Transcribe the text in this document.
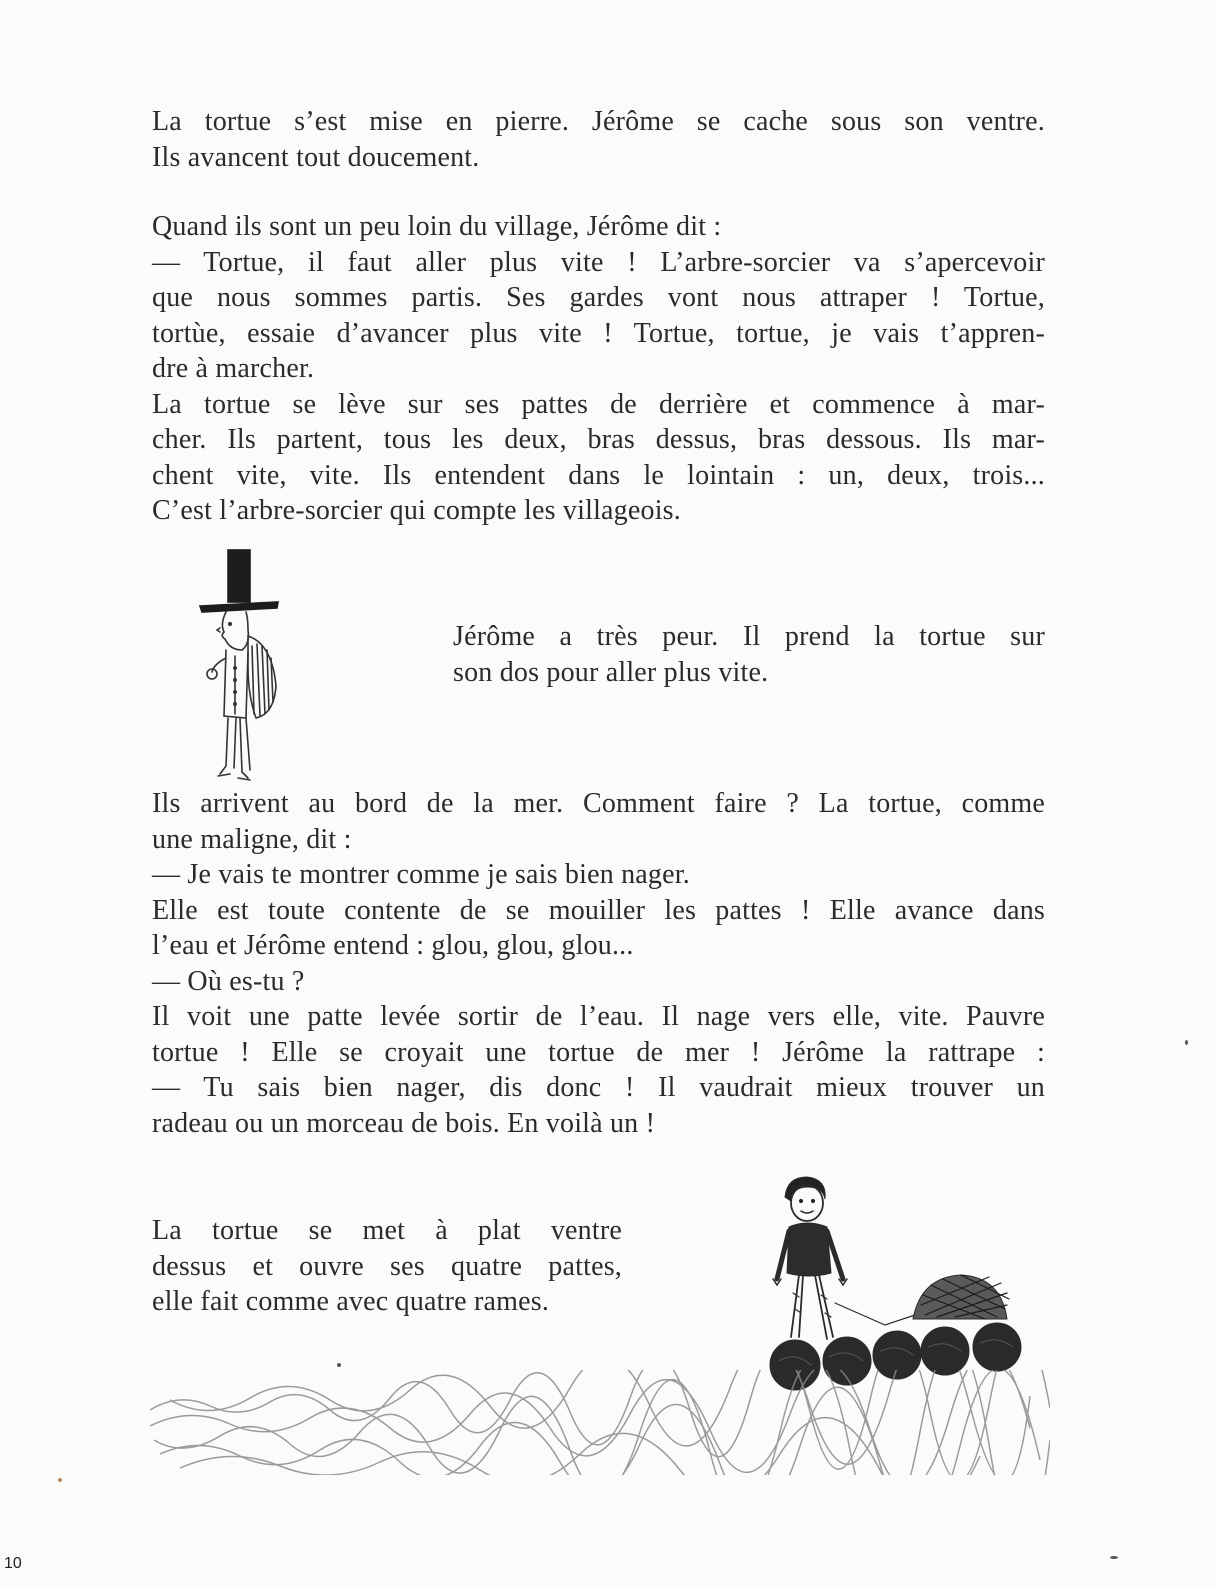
La tortue s’est mise en pierre. Jérôme se cache sous son ventre.
Ils avancent tout doucement.
Quand ils sont un peu loin du village, Jérôme dit :
— Tortue, il faut aller plus vite ! L’arbre-sorcier va s’apercevoir
que nous sommes partis. Ses gardes vont nous attraper ! Tortue,
tortùe, essaie d’avancer plus vite ! Tortue, tortue, je vais t’appren-
dre à marcher.
La tortue se lève sur ses pattes de derrière et commence à mar-
cher. Ils partent, tous les deux, bras dessus, bras dessous. Ils mar-
chent vite, vite. Ils entendent dans le lointain : un, deux, trois...
C’est l’arbre-sorcier qui compte les villageois.
Jérôme a très peur. Il prend la tortue sur
son dos pour aller plus vite.
Ils arrivent au bord de la mer. Comment faire ? La tortue, comme
une maligne, dit :
— Je vais te montrer comme je sais bien nager.
Elle est toute contente de se mouiller les pattes ! Elle avance dans
l’eau et Jérôme entend : glou, glou, glou...
— Où es-tu ?
Il voit une patte levée sortir de l’eau. Il nage vers elle, vite. Pauvre
tortue ! Elle se croyait une tortue de mer ! Jérôme la rattrape :
— Tu sais bien nager, dis donc ! Il vaudrait mieux trouver un
radeau ou un morceau de bois. En voilà un !
La tortue se met à plat ventre
dessus et ouvre ses quatre pattes,
elle fait comme avec quatre rames.
10
